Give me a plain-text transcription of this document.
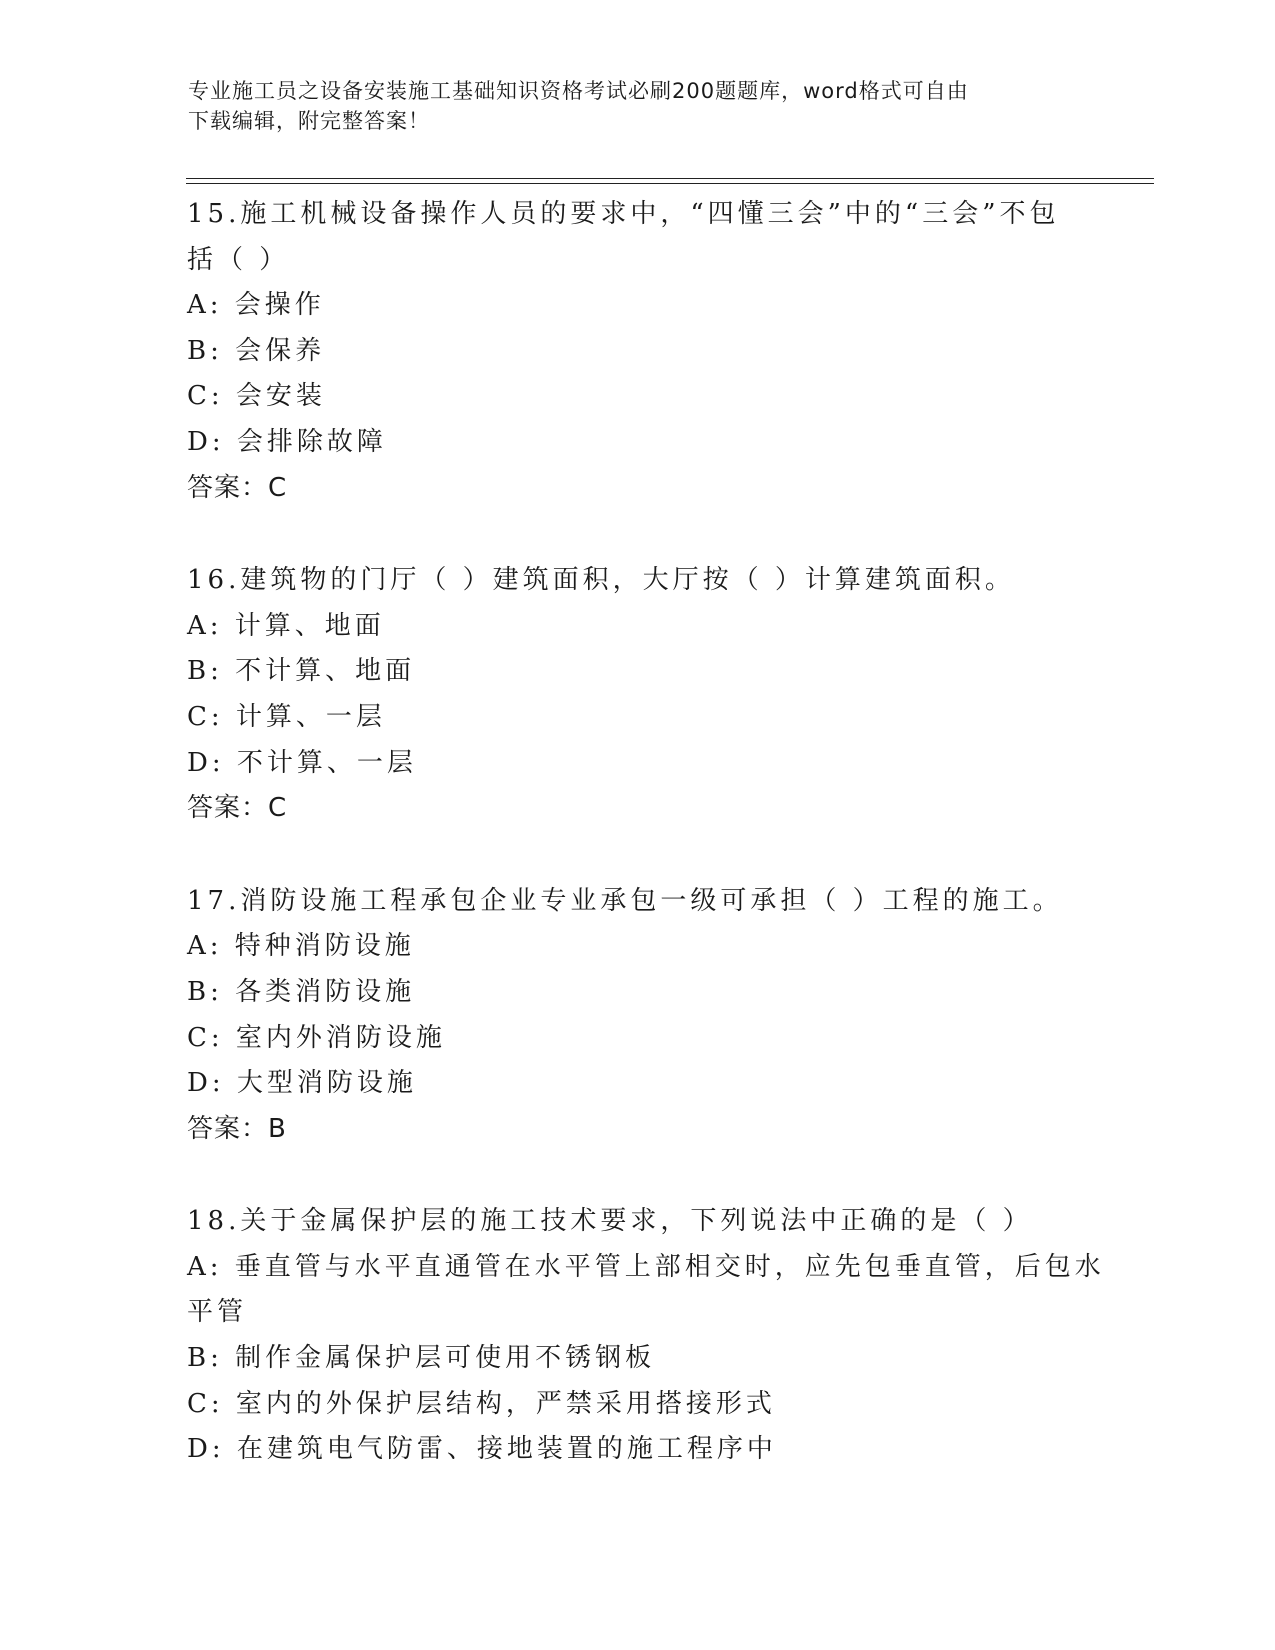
专业施工员之设备安装施工基础知识资格考试必刷200题题库，word格式可自由
下载编辑，附完整答案！

15.施工机械设备操作人员的要求中，“四懂三会”中的“三会”不包
括（ ）

A: 会操作

B: 会保养

C: 会安装

D: 会排除故障

答案：C

16.建筑物的门厅（ ）建筑面积，大厅按（ ）计算建筑面积。

A: 计算、地面

B: 不计算、地面

C: 计算、一层

D: 不计算、一层

答案：C

17.消防设施工程承包企业专业承包一级可承担（ ）工程的施工。

A: 特种消防设施

B: 各类消防设施

C: 室内外消防设施

D: 大型消防设施

答案：B

18.关于金属保护层的施工技术要求，下列说法中正确的是（ ）

A: 垂直管与水平直通管在水平管上部相交时，应先包垂直管，后包水
平管

B: 制作金属保护层可使用不锈钢板

C: 室内的外保护层结构，严禁采用搭接形式

D: 在建筑电气防雷、接地装置的施工程序中
